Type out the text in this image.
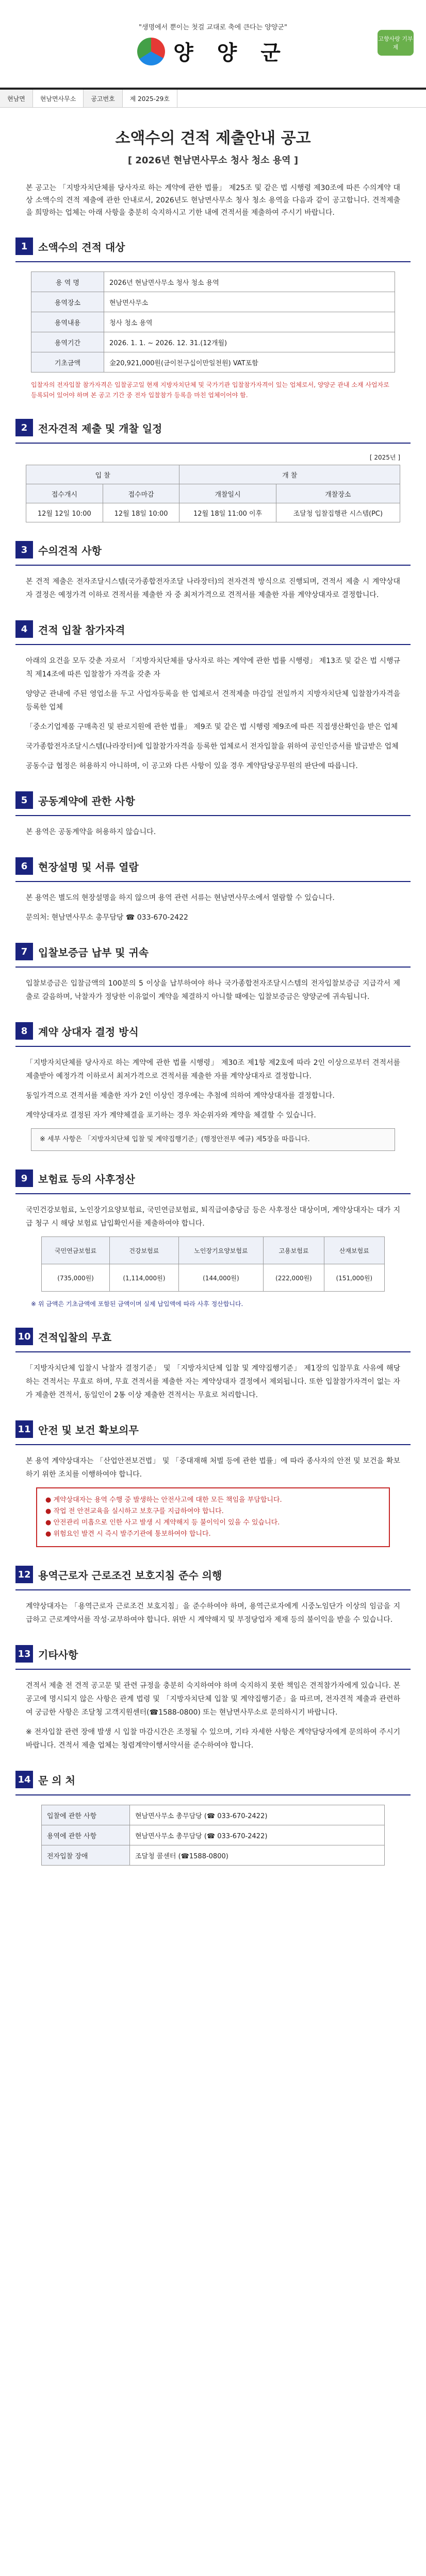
"생명에서 뿐이는 첫걸 교대로 축에 큰다는 양양군"
양 양 군
고향사랑 기부제
현남면	현남면사무소	공고번호	제 2025-29호
소액수의 견적 제출안내 공고
[ 2026년 현남면사무소 청사 청소 용역 ]
본 공고는 「지방자치단체를 당사자로 하는 계약에 관한 법률」 제25조 및 같은 법 시행령 제30조에 따른 수의계약 대상 소액수의 견적 제출에 관한 안내로서, 2026년도 현남면사무소 청사 청소 용역을 다음과 같이 공고합니다. 견적제출을 희망하는 업체는 아래 사항을 충분히 숙지하시고 기한 내에 견적서를 제출하여 주시기 바랍니다.
1	소액수의 견적 대상
용 역 명	2026년 현남면사무소 청사 청소 용역
용역장소	현남면사무소
용역내용	청사 청소 용역
용역기간	2026. 1. 1. ~ 2026. 12. 31.(12개월)
기초금액	金20,921,000원(금이천구십이만일천원) VAT포함
입찰자의 전자입찰 참가자격은 입찰공고일 현재 지방자치단체 및 국가기관 입찰참가자격이 있는 업체로서, 양양군 관내 소재 사업자로 등록되어 있어야 하며 본 공고 기간 중 전자 입찰참가 등록을 마친 업체이어야 함.
2	전자견적 제출 및 개찰 일정
[ 2025년 ]
입 찰		개 찰	
접수개시	접수마감	개찰일시	개찰장소
12월 12일 10:00	12월 18일 10:00	12월 18일 11:00 이후	조달청 입찰집행관 시스템(PC)
3	수의견적 사항

본 견적 제출은 전자조달시스템(국가종합전자조달 나라장터)의 전자견적 방식으로 진행되며, 견적서 제출 시 계약상대자 결정은 예정가격 이하로 견적서를 제출한 자 중 최저가격으로 견적서를 제출한 자를 계약상대자로 결정합니다.

4	견적 입찰 참가자격

아래의 요건을 모두 갖춘 자로서 「지방자치단체를 당사자로 하는 계약에 관한 법률 시행령」 제13조 및 같은 법 시행규칙 제14조에 따른 입찰참가 자격을 갖춘 자

양양군 관내에 주된 영업소를 두고 사업자등록을 한 업체로서 견적제출 마감일 전일까지 지방자치단체 입찰참가자격을 등록한 업체

「중소기업제품 구매촉진 및 판로지원에 관한 법률」 제9조 및 같은 법 시행령 제9조에 따른 직접생산확인을 받은 업체

국가종합전자조달시스템(나라장터)에 입찰참가자격을 등록한 업체로서 전자입찰을 위하여 공인인증서를 발급받은 업체

공동수급 협정은 허용하지 아니하며, 이 공고와 다른 사항이 있을 경우 계약담당공무원의 판단에 따릅니다.

5	공동계약에 관한 사항

본 용역은 공동계약을 허용하지 않습니다.

6	현장설명 및 서류 열람

본 용역은 별도의 현장설명을 하지 않으며 용역 관련 서류는 현남면사무소에서 열람할 수 있습니다.

문의처: 현남면사무소 총무담당 ☎ 033-670-2422

7	입찰보증금 납부 및 귀속

입찰보증금은 입찰금액의 100분의 5 이상을 납부하여야 하나 국가종합전자조달시스템의 전자입찰보증금 지급각서 제출로 갈음하며, 낙찰자가 정당한 이유없이 계약을 체결하지 아니할 때에는 입찰보증금은 양양군에 귀속됩니다.

8	계약 상대자 결정 방식

「지방자치단체를 당사자로 하는 계약에 관한 법률 시행령」 제30조 제1항 제2호에 따라 2인 이상으로부터 견적서를 제출받아 예정가격 이하로서 최저가격으로 견적서를 제출한 자를 계약상대자로 결정합니다.

동일가격으로 견적서를 제출한 자가 2인 이상인 경우에는 추첨에 의하여 계약상대자를 결정합니다.

계약상대자로 결정된 자가 계약체결을 포기하는 경우 차순위자와 계약을 체결할 수 있습니다.

※ 세부 사항은 「지방자치단체 입찰 및 계약집행기준」(행정안전부 예규) 제5장을 따릅니다.
9	보험료 등의 사후정산

국민건강보험료, 노인장기요양보험료, 국민연금보험료, 퇴직급여충당금 등은 사후정산 대상이며, 계약상대자는 대가 지급 청구 시 해당 보험료 납입확인서를 제출하여야 합니다.

국민연금보험료	건강보험료	노인장기요양보험료	고용보험료	산재보험료
(735,000원)	(1,114,000원)	(144,000원)	(222,000원)	(151,000원)
※ 위 금액은 기초금액에 포함된 금액이며 실제 납입액에 따라 사후 정산합니다.
10 견적입찰의 무효

「지방자치단체 입찰시 낙찰자 결정기준」 및 「지방자치단체 입찰 및 계약집행기준」 제1장의 입찰무효 사유에 해당하는 견적서는 무효로 하며, 무효 견적서를 제출한 자는 계약상대자 결정에서 제외됩니다. 또한 입찰참가자격이 없는 자가 제출한 견적서, 동일인이 2통 이상 제출한 견적서는 무효로 처리합니다.

11 안전 및 보건 확보의무

본 용역 계약상대자는 「산업안전보건법」 및 「중대재해 처벌 등에 관한 법률」에 따라 종사자의 안전 및 보건을 확보하기 위한 조치를 이행하여야 합니다.

● 계약상대자는 용역 수행 중 발생하는 안전사고에 대한 모든 책임을 부담합니다.
● 작업 전 안전교육을 실시하고 보호구를 지급하여야 합니다.
● 안전관리 미흡으로 인한 사고 발생 시 계약해지 등 불이익이 있을 수 있습니다.
● 위험요인 발견 시 즉시 발주기관에 통보하여야 합니다.
12 용역근로자 근로조건 보호지침 준수 의행

계약상대자는 「용역근로자 근로조건 보호지침」을 준수하여야 하며, 용역근로자에게 시중노임단가 이상의 임금을 지급하고 근로계약서를 작성·교부하여야 합니다. 위반 시 계약해지 및 부정당업자 제재 등의 불이익을 받을 수 있습니다.

13 기타사항

견적서 제출 전 견적 공고문 및 관련 규정을 충분히 숙지하여야 하며 숙지하지 못한 책임은 견적참가자에게 있습니다. 본 공고에 명시되지 않은 사항은 관계 법령 및 「지방자치단체 입찰 및 계약집행기준」을 따르며, 전자견적 제출과 관련하여 궁금한 사항은 조달청 고객지원센터(☎1588-0800) 또는 현남면사무소로 문의하시기 바랍니다.

※ 전자입찰 관련 장애 발생 시 입찰 마감시간은 조정될 수 있으며, 기타 자세한 사항은 계약담당자에게 문의하여 주시기 바랍니다. 견적서 제출 업체는 청렴계약이행서약서를 준수하여야 합니다.

14 문 의 처
입찰에 관한 사항	현남면사무소 총무담당 (☎ 033-670-2422)
용역에 관한 사항	현남면사무소 총무담당 (☎ 033-670-2422)
전자입찰 장애	조달청 콜센터 (☎1588-0800)
